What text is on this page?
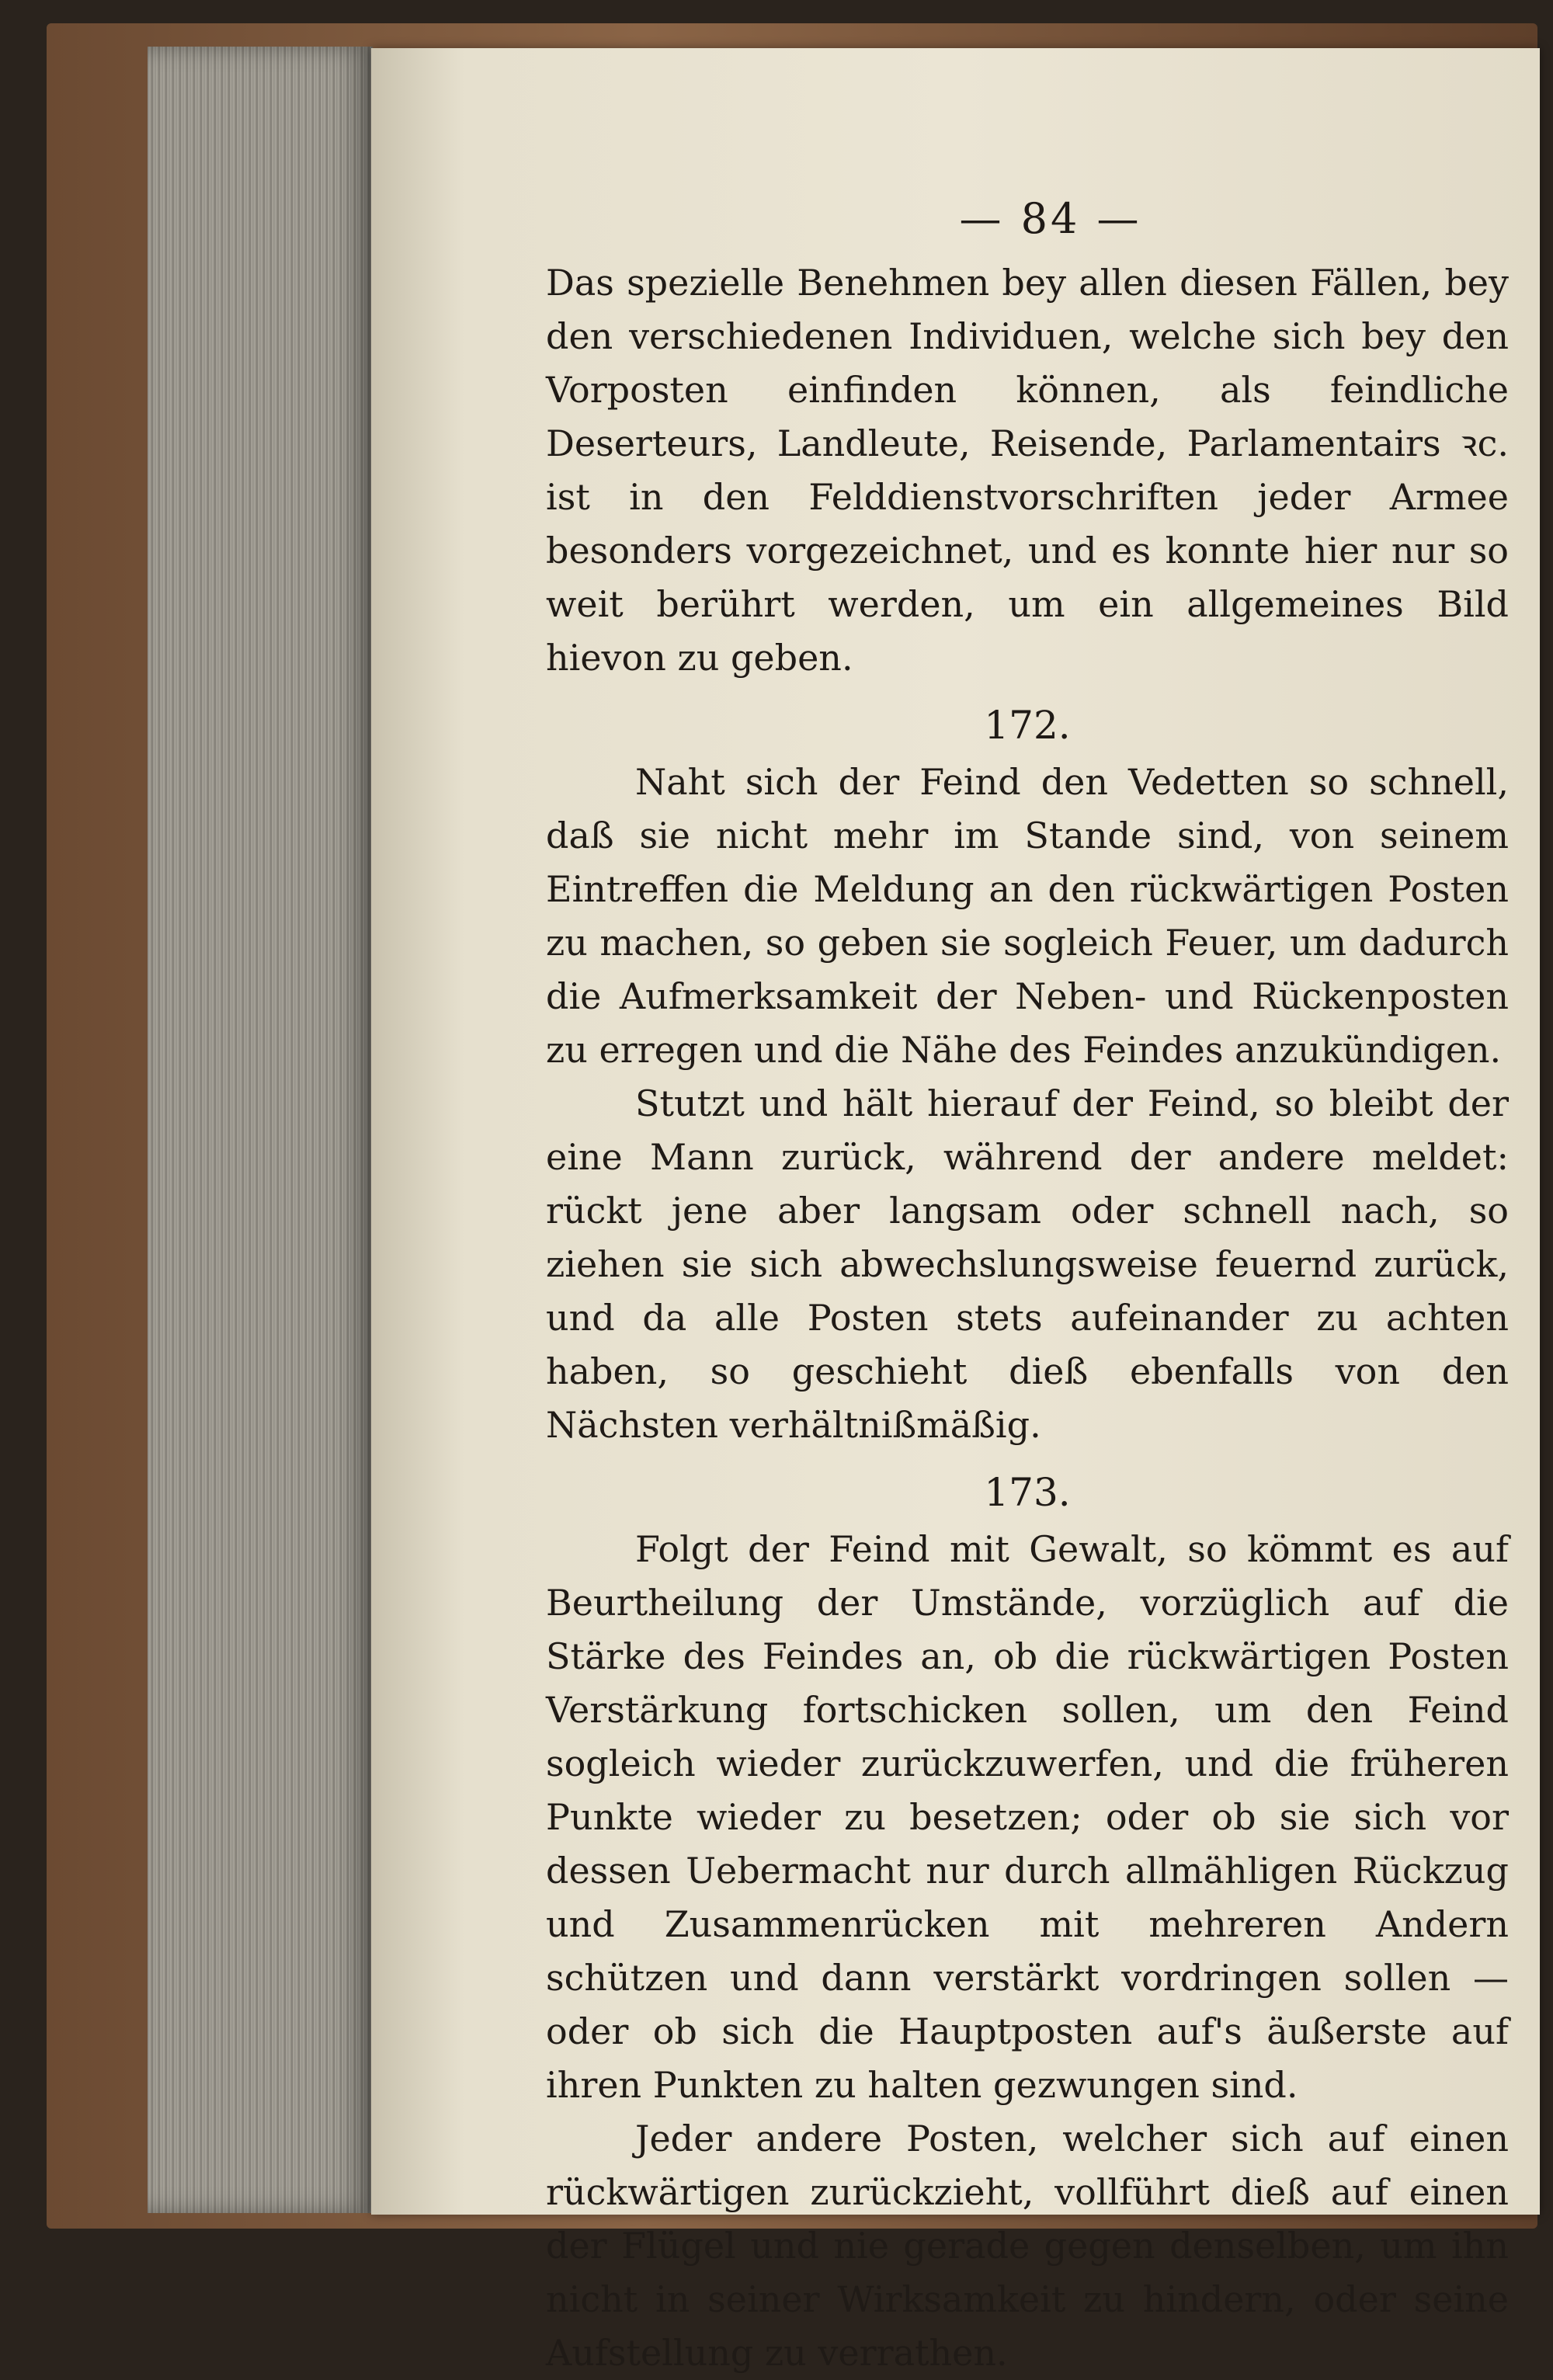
— 84 —

Das spezielle Benehmen bey allen diesen Fällen, bey den verschiedenen Individuen, welche sich bey den Vorposten einfinden können, als feindliche Deserteurs, Landleute, Reisende, Parlamentairs ꝛc. ist in den Felddienstvorschriften jeder Armee besonders vorgezeichnet, und es konnte hier nur so weit berührt werden, um ein allgemeines Bild hievon zu geben.

172.

Naht sich der Feind den Vedetten so schnell, daß sie nicht mehr im Stande sind, von seinem Eintreffen die Meldung an den rückwärtigen Posten zu machen, so geben sie sogleich Feuer, um dadurch die Aufmerksamkeit der Neben- und Rückenposten zu erregen und die Nähe des Feindes anzukündigen.

Stutzt und hält hierauf der Feind, so bleibt der eine Mann zurück, während der andere meldet: rückt jene aber langsam oder schnell nach, so ziehen sie sich abwechslungsweise feuernd zurück, und da alle Posten stets aufeinander zu achten haben, so geschieht dieß ebenfalls von den Nächsten verhältnißmäßig.

173.

Folgt der Feind mit Gewalt, so kömmt es auf Beurtheilung der Umstände, vorzüglich auf die Stärke des Feindes an, ob die rückwärtigen Posten Verstärkung fortschicken sollen, um den Feind sogleich wieder zurückzuwerfen, und die früheren Punkte wieder zu besetzen; oder ob sie sich vor dessen Uebermacht nur durch allmähligen Rückzug und Zusammenrücken mit mehreren Andern schützen und dann verstärkt vordringen sollen — oder ob sich die Hauptposten auf's äußerste auf ihren Punkten zu halten gezwungen sind.

Jeder andere Posten, welcher sich auf einen rückwärtigen zurückzieht, vollführt dieß auf einen der Flügel und nie gerade gegen denselben, um ihn nicht in seiner Wirksamkeit zu hindern, oder seine Aufstellung zu verrathen.
